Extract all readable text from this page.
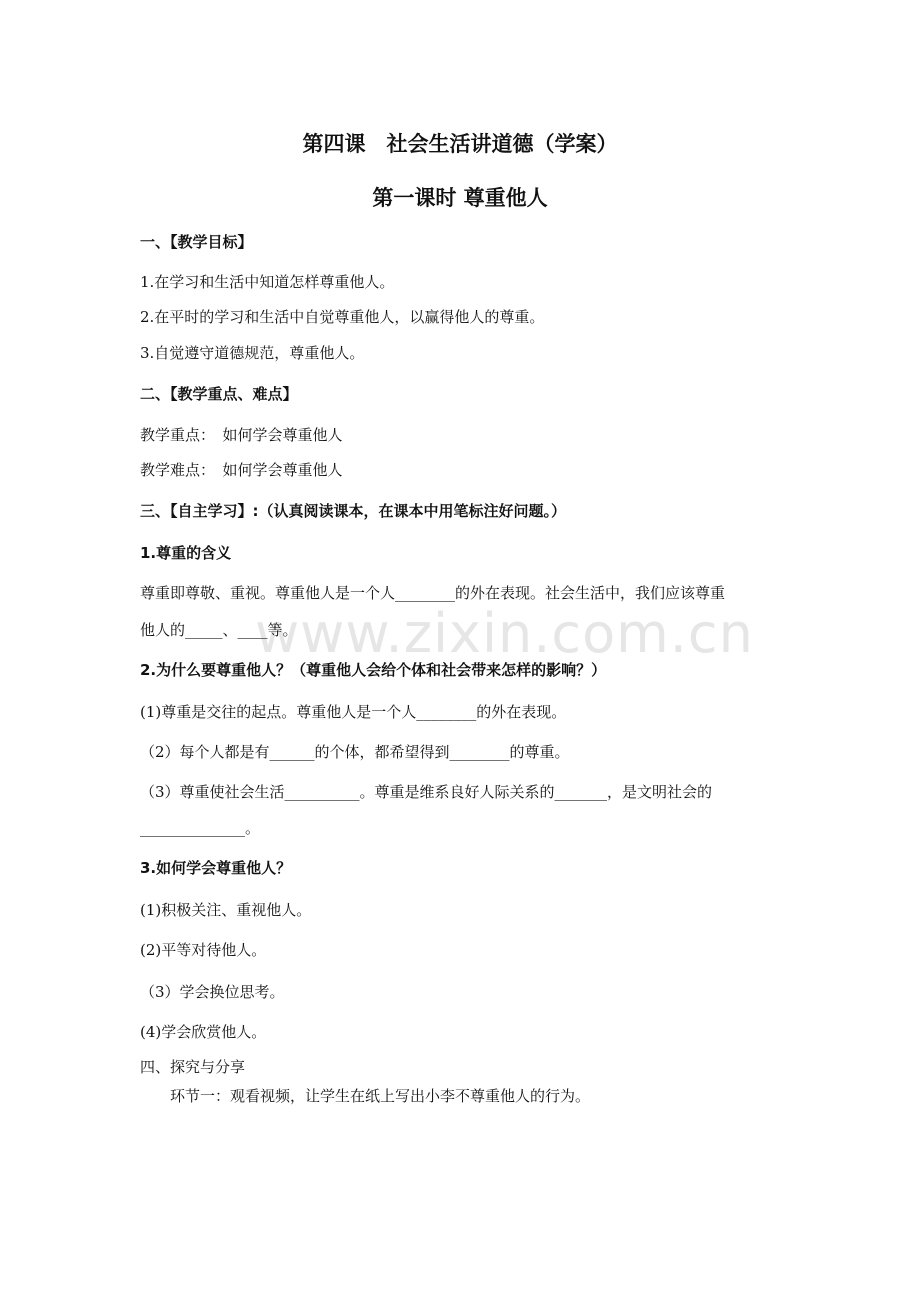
www.zixin.com.cn
第四课　社会生活讲道德（学案）
第一课时 尊重他人
一、【教学目标】
1.在学习和生活中知道怎样尊重他人。
2.在平时的学习和生活中自觉尊重他人，以赢得他人的尊重。
3.自觉遵守道德规范，尊重他人。
二、【教学重点、难点】
教学重点：　如何学会尊重他人
教学难点：　如何学会尊重他人
三、【自主学习】:（认真阅读课本，在课本中用笔标注好问题。）
1.尊重的含义
尊重即尊敬、重视。尊重他人是一个人________的外在表现。社会生活中，我们应该尊重
他人的_____、____等。
2.为什么要尊重他人？（尊重他人会给个体和社会带来怎样的影响？）
(1)尊重是交往的起点。尊重他人是一个人________的外在表现。
（2）每个人都是有______的个体，都希望得到________的尊重。
（3）尊重使社会生活__________。尊重是维系良好人际关系的_______，是文明社会的
______________。
3.如何学会尊重他人？
(1)积极关注、重视他人。
(2)平等对待他人。
（3）学会换位思考。
(4)学会欣赏他人。
四、探究与分享
　　环节一：观看视频，让学生在纸上写出小李不尊重他人的行为。
